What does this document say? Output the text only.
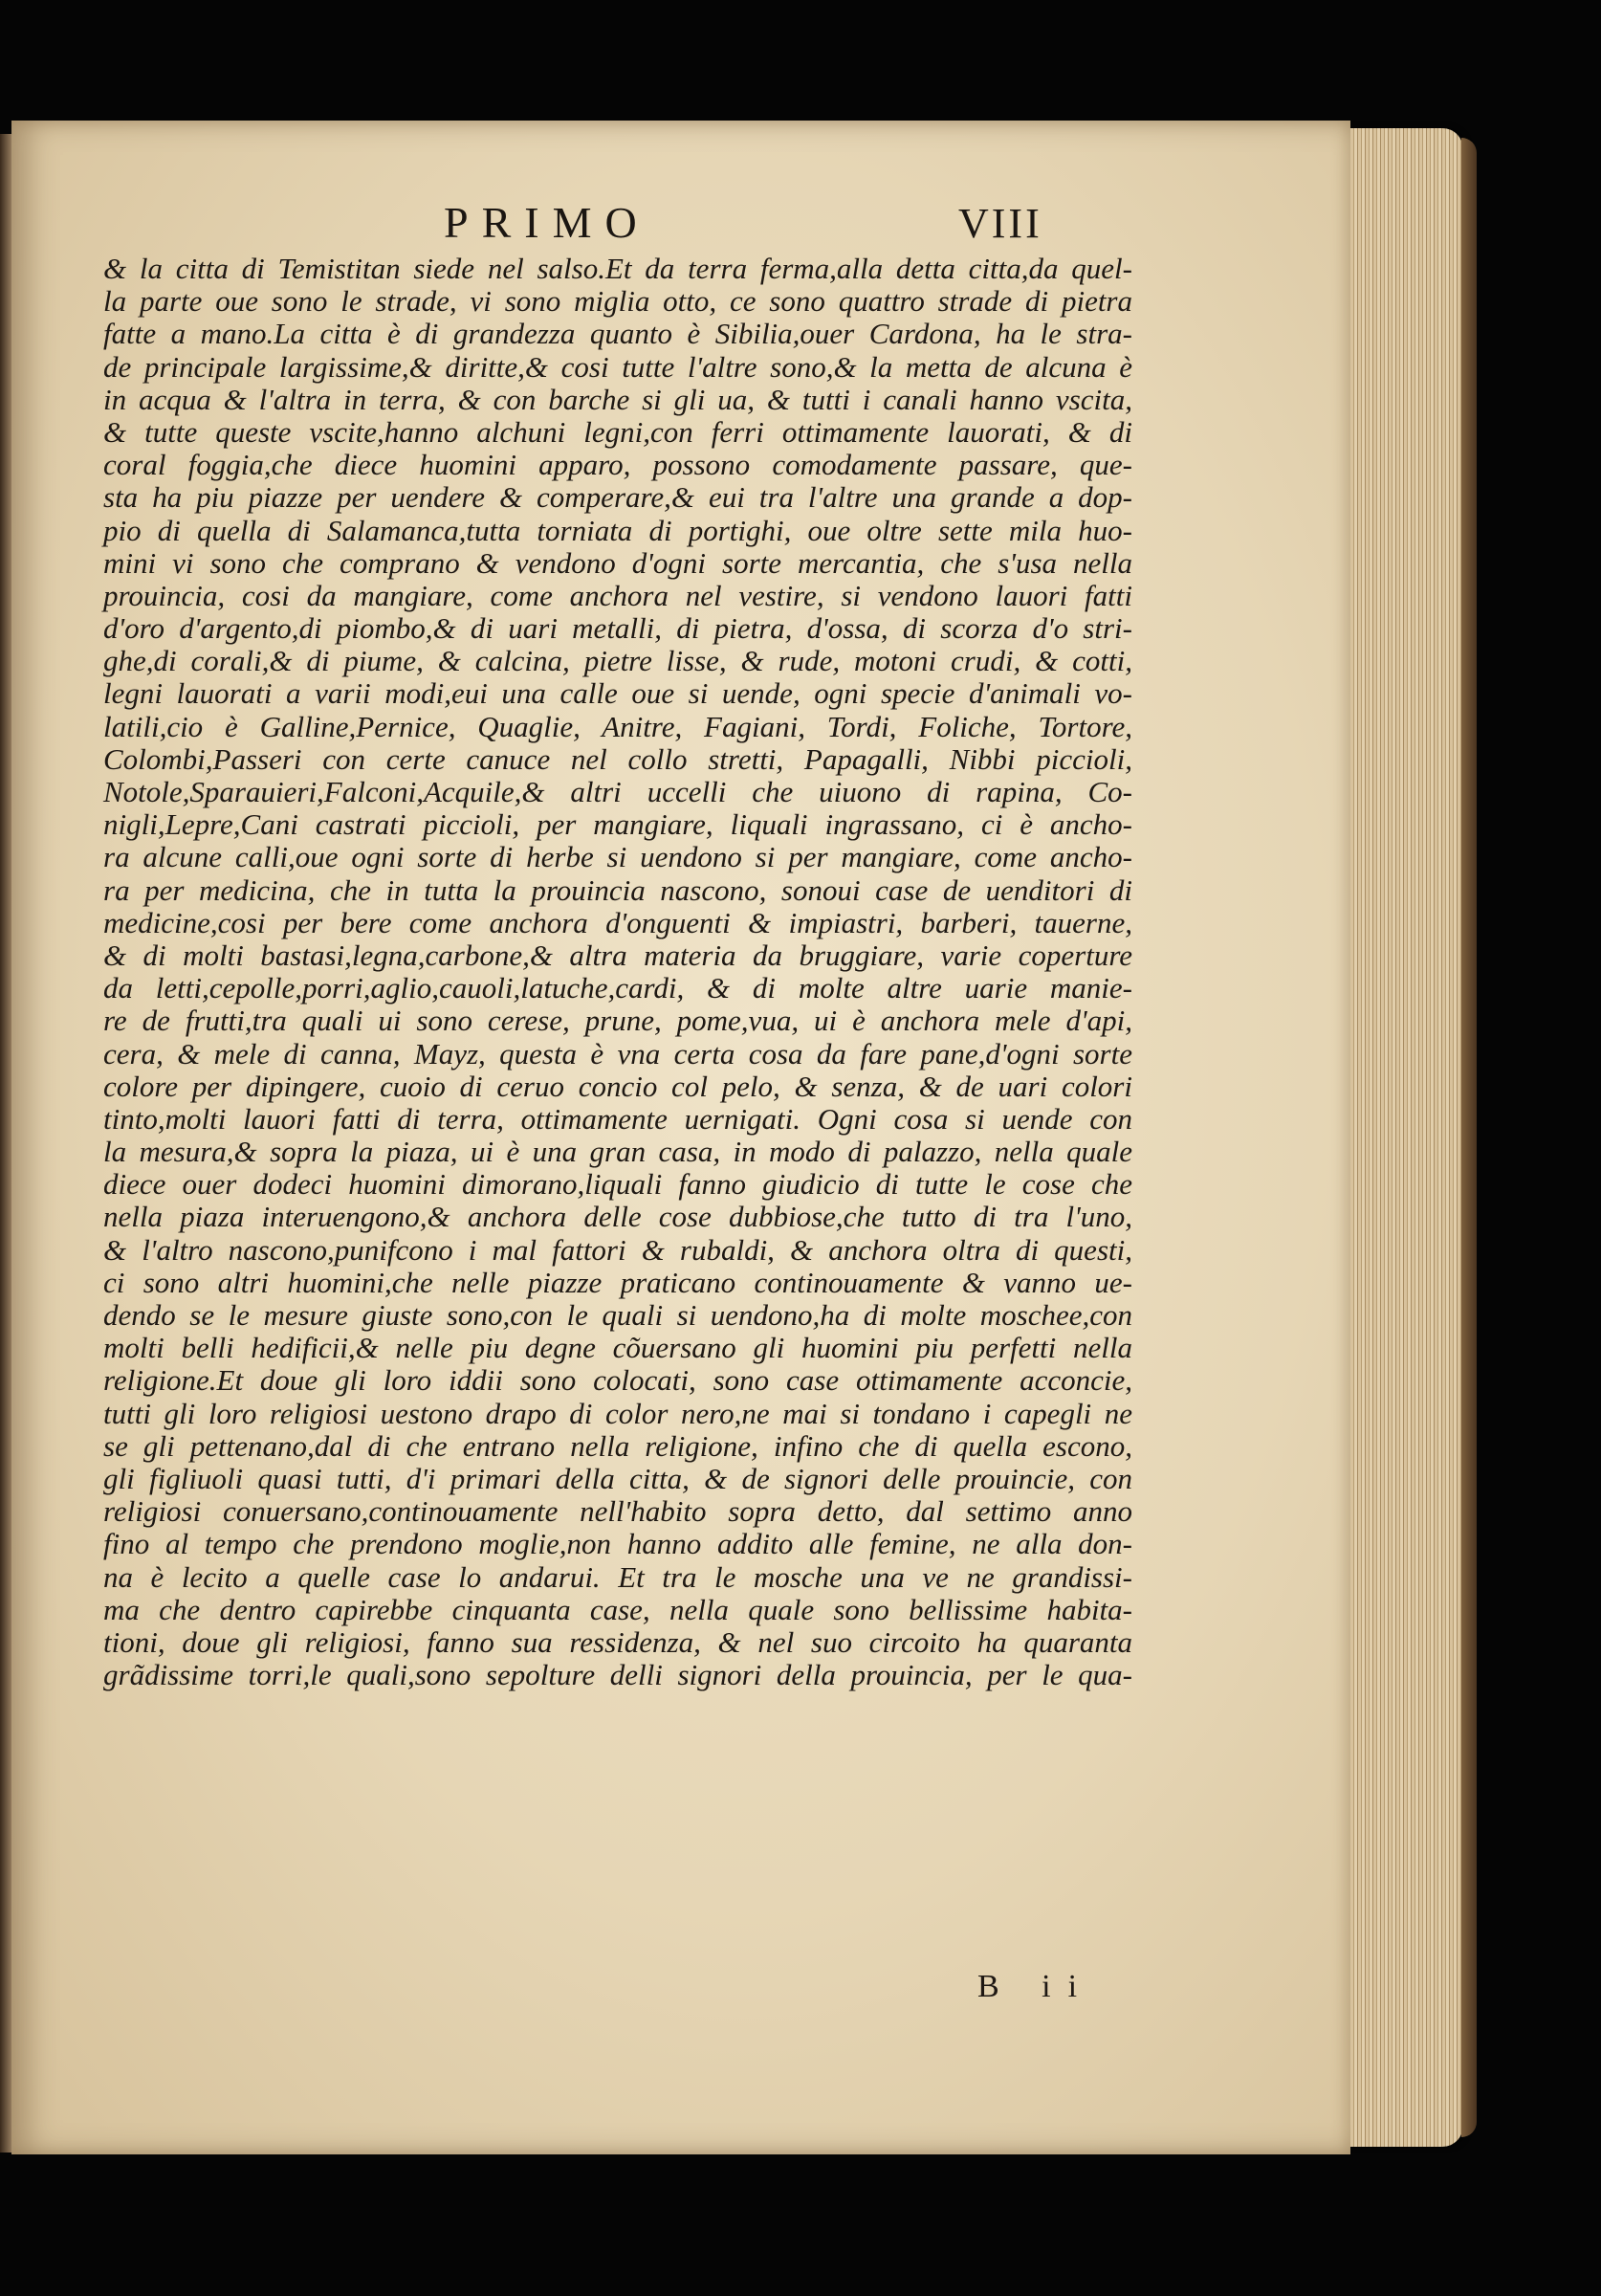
PRIMO	VIII
& la citta di Temistitan siede nel salso.Et da terra ferma,alla detta citta,da quel-
la parte oue sono le strade, vi sono miglia otto, ce sono quattro strade di pietra
fatte a mano.La citta è di grandezza quanto è Sibilia,ouer Cardona, ha le stra-
de principale largissime,& diritte,& cosi tutte l'altre sono,& la metta de alcuna è
in acqua & l'altra in terra, & con barche si gli ua, & tutti i canali hanno vscita,
& tutte queste vscite,hanno alchuni legni,con ferri ottimamente lauorati, & di
coral foggia,che diece huomini apparo, possono comodamente passare, que-
sta ha piu piazze per uendere & comperare,& eui tra l'altre una grande a dop-
pio di quella di Salamanca,tutta torniata di portighi, oue oltre sette mila huo-
mini vi sono che comprano & vendono d'ogni sorte mercantia, che s'usa nella
prouincia, cosi da mangiare, come anchora nel vestire, si vendono lauori fatti
d'oro d'argento,di piombo,& di uari metalli, di pietra, d'ossa, di scorza d'o stri-
ghe,di corali,& di piume, & calcina, pietre lisse, & rude, motoni crudi, & cotti,
legni lauorati a varii modi,eui una calle oue si uende, ogni specie d'animali vo-
latili,cio è Galline,Pernice, Quaglie, Anitre, Fagiani, Tordi, Foliche, Tortore,
Colombi,Passeri con certe canuce nel collo stretti, Papagalli, Nibbi piccioli,
Notole,Sparauieri,Falconi,Acquile,& altri uccelli che uiuono di rapina, Co-
nigli,Lepre,Cani castrati piccioli, per mangiare, liquali ingrassano, ci è ancho-
ra alcune calli,oue ogni sorte di herbe si uendono si per mangiare, come ancho-
ra per medicina, che in tutta la prouincia nascono, sonoui case de uenditori di
medicine,cosi per bere come anchora d'onguenti & impiastri, barberi, tauerne,
& di molti bastasi,legna,carbone,& altra materia da bruggiare, varie coperture
da letti,cepolle,porri,aglio,cauoli,latuche,cardi, & di molte altre uarie manie-
re de frutti,tra quali ui sono cerese, prune, pome,vua, ui è anchora mele d'api,
cera, & mele di canna, Mayz, questa è vna certa cosa da fare pane,d'ogni sorte
colore per dipingere, cuoio di ceruo concio col pelo, & senza, & de uari colori
tinto,molti lauori fatti di terra, ottimamente uernigati. Ogni cosa si uende con
la mesura,& sopra la piaza, ui è una gran casa, in modo di palazzo, nella quale
diece ouer dodeci huomini dimorano,liquali fanno giudicio di tutte le cose che
nella piaza interuengono,& anchora delle cose dubbiose,che tutto di tra l'uno,
& l'altro nascono,punifcono i mal fattori & rubaldi, & anchora oltra di questi,
ci sono altri huomini,che nelle piazze praticano continouamente & vanno ue-
dendo se le mesure giuste sono,con le quali si uendono,ha di molte moschee,con
molti belli hedificii,& nelle piu degne cõuersano gli huomini piu perfetti nella
religione.Et doue gli loro iddii sono colocati, sono case ottimamente acconcie,
tutti gli loro religiosi uestono drapo di color nero,ne mai si tondano i capegli ne
se gli pettenano,dal di che entrano nella religione, infino che di quella escono,
gli figliuoli quasi tutti, d'i primari della citta, & de signori delle prouincie, con
religiosi conuersano,continouamente nell'habito sopra detto, dal settimo anno
fino al tempo che prendono moglie,non hanno addito alle femine, ne alla don-
na è lecito a quelle case lo andarui. Et tra le mosche una ve ne grandissi-
ma che dentro capirebbe cinquanta case, nella quale sono bellissime habita-
tioni, doue gli religiosi, fanno sua ressidenza, & nel suo circoito ha quaranta
grãdissime torri,le quali,sono sepolture delli signori della prouincia, per le qua-
B ii
